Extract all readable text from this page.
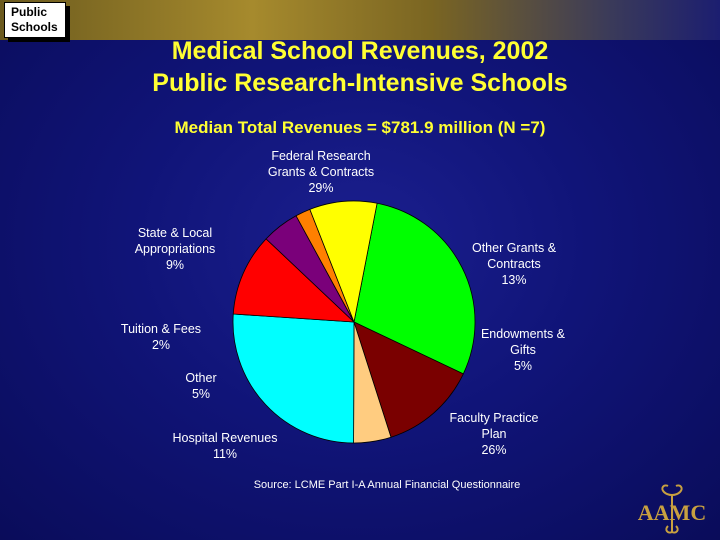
Public
Schools
Medical School Revenues, 2002
Public Research-Intensive Schools
Median Total Revenues = $781.9 million (N =7)
Federal Research Grants & Contracts 29%
Other Grants & Contracts 13%
Endowments & Gifts 5%
Faculty Practice Plan 26%
Hospital Revenues 11%
Other 5%
Tuition & Fees 2%
State & Local Appropriations 9%
Source: LCME Part I-A Annual Financial Questionnaire
AAMC
